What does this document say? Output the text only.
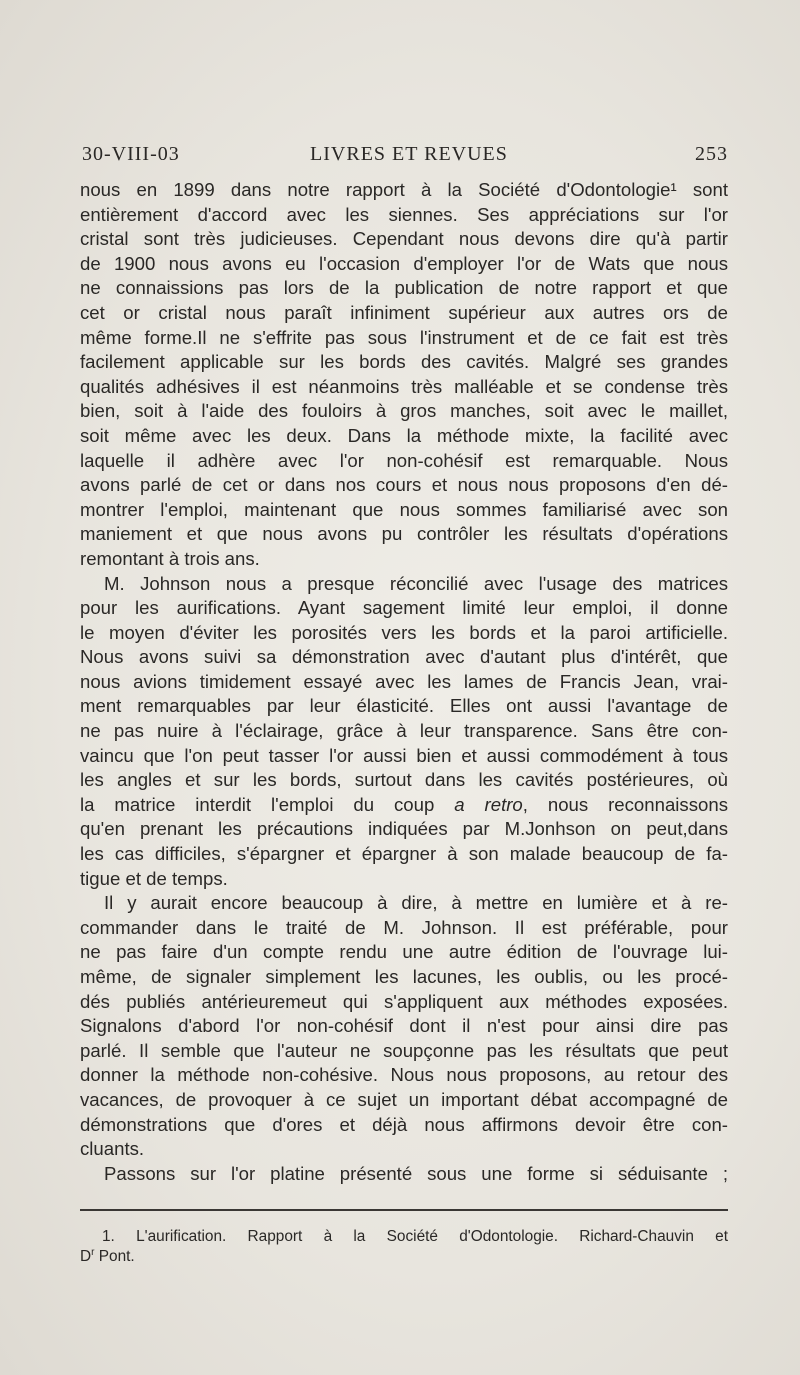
30-VIII-03	LIVRES ET REVUES	253
nous en 1899 dans notre rapport à la Société d'Odontologie¹ sont
entièrement d'accord avec les siennes. Ses appréciations sur l'or
cristal sont très judicieuses. Cependant nous devons dire qu'à partir
de 1900 nous avons eu l'occasion d'employer l'or de Wats que nous
ne connaissions pas lors de la publication de notre rapport et que
cet or cristal nous paraît infiniment supérieur aux autres ors de
même forme.Il ne s'effrite pas sous l'instrument et de ce fait est très
facilement applicable sur les bords des cavités. Malgré ses grandes
qualités adhésives il est néanmoins très malléable et se condense très
bien, soit à l'aide des fouloirs à gros manches, soit avec le maillet,
soit même avec les deux. Dans la méthode mixte, la facilité avec
laquelle il adhère avec l'or non-cohésif est remarquable. Nous
avons parlé de cet or dans nos cours et nous nous proposons d'en dé-
montrer l'emploi, maintenant que nous sommes familiarisé avec son
maniement et que nous avons pu contrôler les résultats d'opérations
remontant à trois ans.
M. Johnson nous a presque réconcilié avec l'usage des matrices
pour les aurifications. Ayant sagement limité leur emploi, il donne
le moyen d'éviter les porosités vers les bords et la paroi artificielle.
Nous avons suivi sa démonstration avec d'autant plus d'intérêt, que
nous avions timidement essayé avec les lames de Francis Jean, vrai-
ment remarquables par leur élasticité. Elles ont aussi l'avantage de
ne pas nuire à l'éclairage, grâce à leur transparence. Sans être con-
vaincu que l'on peut tasser l'or aussi bien et aussi commodément à tous
les angles et sur les bords, surtout dans les cavités postérieures, où
la matrice interdit l'emploi du coup a retro, nous reconnaissons
qu'en prenant les précautions indiquées par M.Jonhson on peut,dans
les cas difficiles, s'épargner et épargner à son malade beaucoup de fa-
tigue et de temps.
Il y aurait encore beaucoup à dire, à mettre en lumière et à re-
commander dans le traité de M. Johnson. Il est préférable, pour
ne pas faire d'un compte rendu une autre édition de l'ouvrage lui-
même, de signaler simplement les lacunes, les oublis, ou les procé-
dés publiés antérieuremeut qui s'appliquent aux méthodes exposées.
Signalons d'abord l'or non-cohésif dont il n'est pour ainsi dire pas
parlé. Il semble que l'auteur ne soupçonne pas les résultats que peut
donner la méthode non-cohésive. Nous nous proposons, au retour des
vacances, de provoquer à ce sujet un important débat accompagné de
démonstrations que d'ores et déjà nous affirmons devoir être con-
cluants.
Passons sur l'or platine présenté sous une forme si séduisante ;
1. L'aurification. Rapport à la Société d'Odontologie. Richard-Chauvin et
$D^r$ Pont.
